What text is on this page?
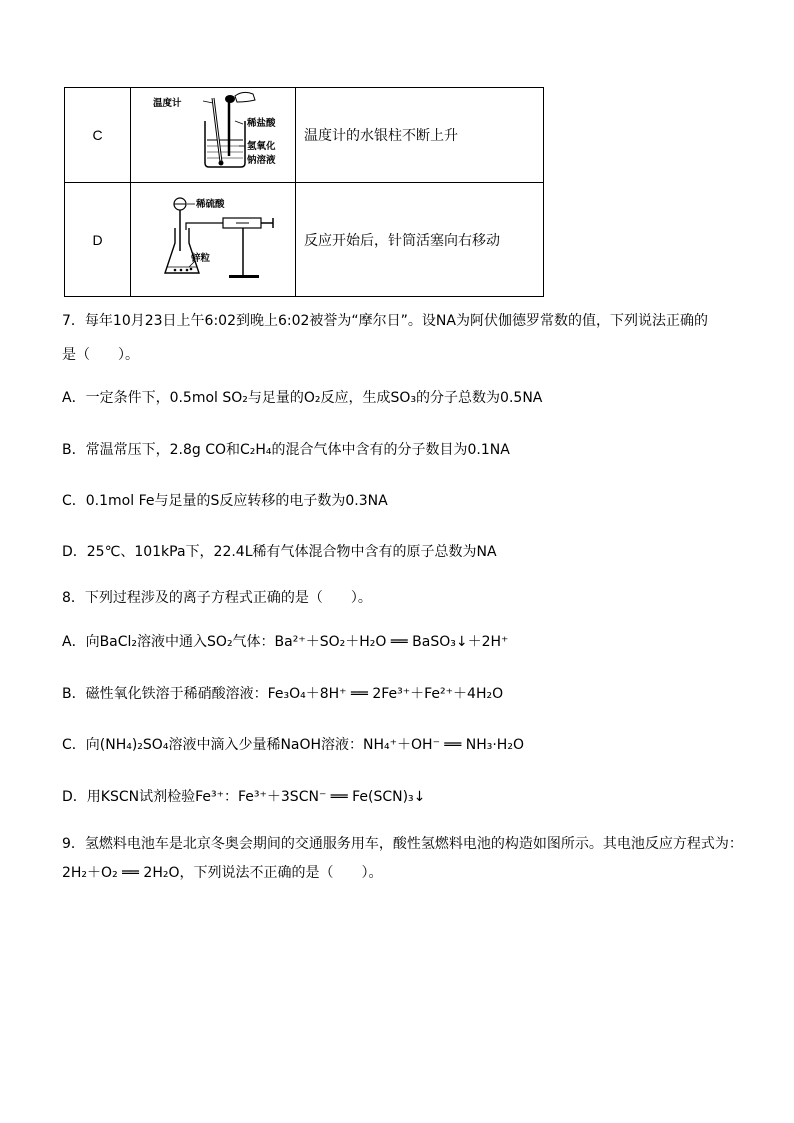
C
温度计
稀盐酸
氢氧化
钠溶液
温度计的水银柱不断上升
D
稀硫酸
锌粒
反应开始后，针筒活塞向右移动
7．每年10月23日上午6:02到晚上6:02被誉为“摩尔日”。设NA为阿伏伽德罗常数的值，下列说法正确的
是（　　）。
A．一定条件下，0.5mol SO₂与足量的O₂反应，生成SO₃的分子总数为0.5NA
B．常温常压下，2.8g CO和C₂H₄的混合气体中含有的分子数目为0.1NA
C．0.1mol Fe与足量的S反应转移的电子数为0.3NA
D．25℃、101kPa下，22.4L稀有气体混合物中含有的原子总数为NA
8．下列过程涉及的离子方程式正确的是（　　）。
A．向BaCl₂溶液中通入SO₂气体：Ba²⁺＋SO₂＋H₂O ══ BaSO₃↓＋2H⁺
B．磁性氧化铁溶于稀硝酸溶液：Fe₃O₄＋8H⁺ ══ 2Fe³⁺＋Fe²⁺＋4H₂O
C．向(NH₄)₂SO₄溶液中滴入少量稀NaOH溶液：NH₄⁺＋OH⁻ ══ NH₃·H₂O
D．用KSCN试剂检验Fe³⁺：Fe³⁺＋3SCN⁻ ══ Fe(SCN)₃↓
9．氢燃料电池车是北京冬奥会期间的交通服务用车，酸性氢燃料电池的构造如图所示。其电池反应方程式为：
2H₂＋O₂ ══ 2H₂O，下列说法不正确的是（　　）。
